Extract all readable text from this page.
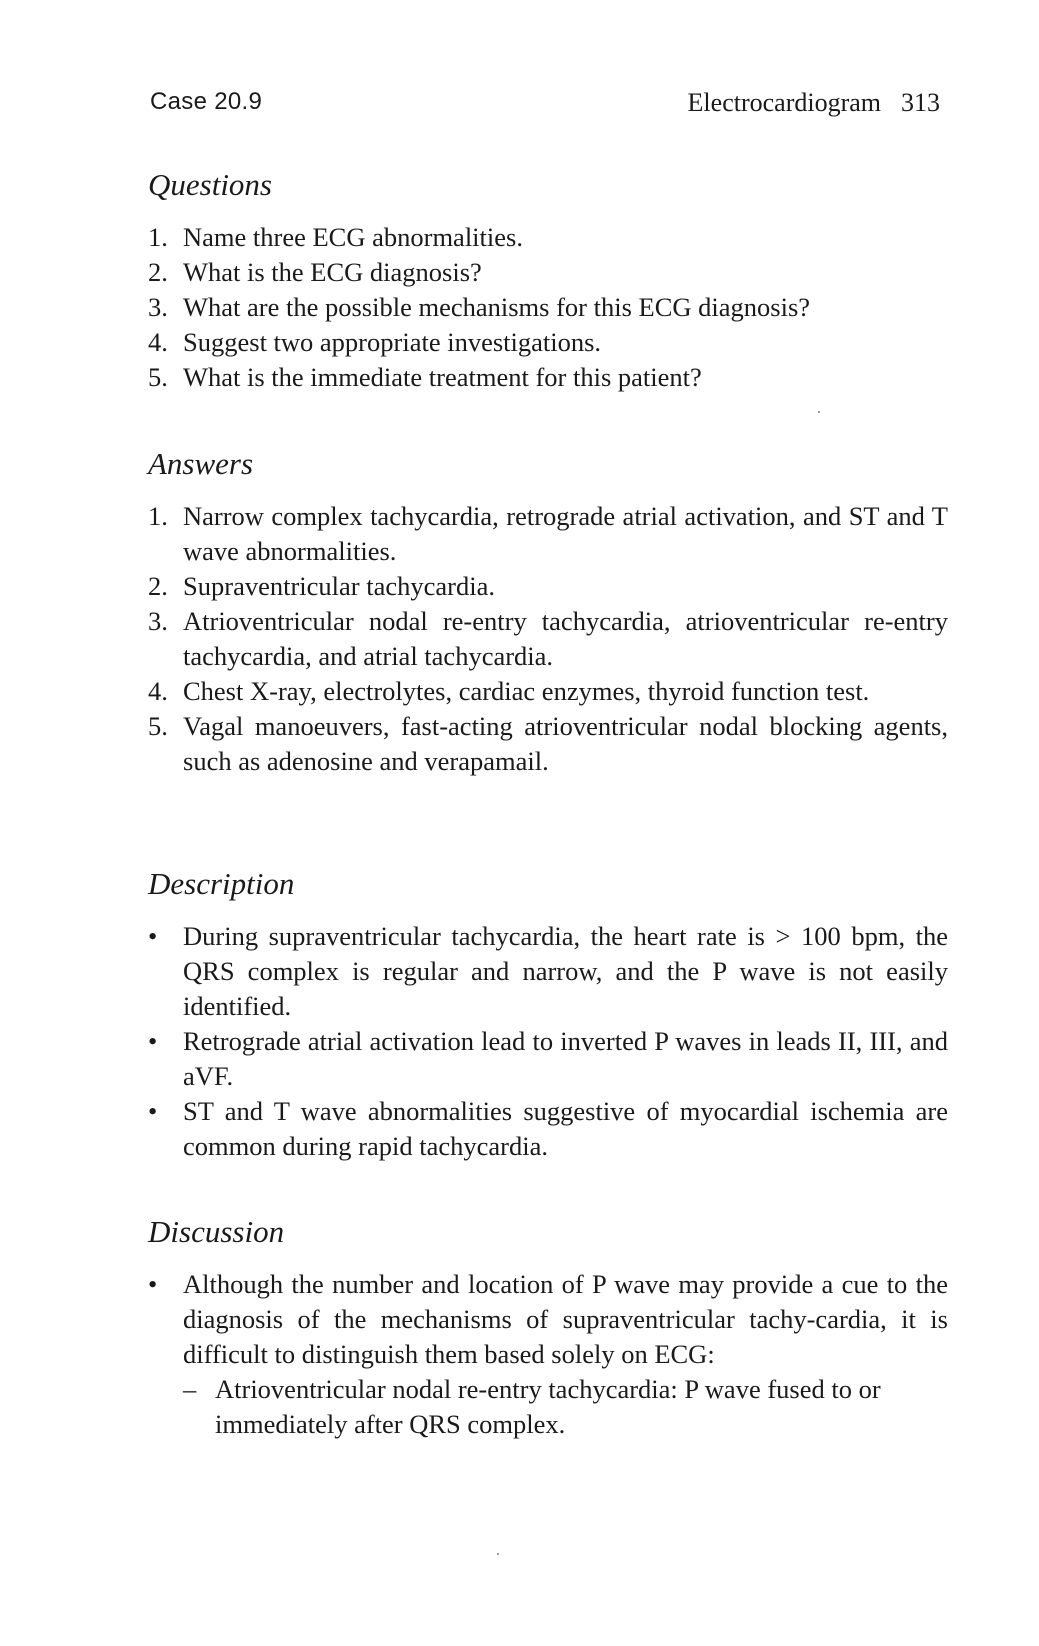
Case 20.9	Electrocardiogram 313
Questions
1. Name three ECG abnormalities.
2. What is the ECG diagnosis?
3. What are the possible mechanisms for this ECG diagnosis?
4. Suggest two appropriate investigations.
5. What is the immediate treatment for this patient?
Answers
1. Narrow complex tachycardia, retrograde atrial activation, and ST and T wave abnormalities.
2. Supraventricular tachycardia.
3. Atrioventricular nodal re-entry tachycardia, atrioventricular re-entry tachycardia, and atrial tachycardia.
4. Chest X-ray, electrolytes, cardiac enzymes, thyroid function test.
5. Vagal manoeuvers, fast-acting atrioventricular nodal blocking agents, such as adenosine and verapamail.
Description
• During supraventricular tachycardia, the heart rate is > 100 bpm, the QRS complex is regular and narrow, and the P wave is not easily identified.
• Retrograde atrial activation lead to inverted P waves in leads II, III, and aVF.
• ST and T wave abnormalities suggestive of myocardial ischemia are common during rapid tachycardia.
Discussion
• Although the number and location of P wave may provide a cue to the diagnosis of the mechanisms of supraventricular tachy-cardia, it is difficult to distinguish them based solely on ECG:
– Atrioventricular nodal re-entry tachycardia: P wave fused to or immediately after QRS complex.
